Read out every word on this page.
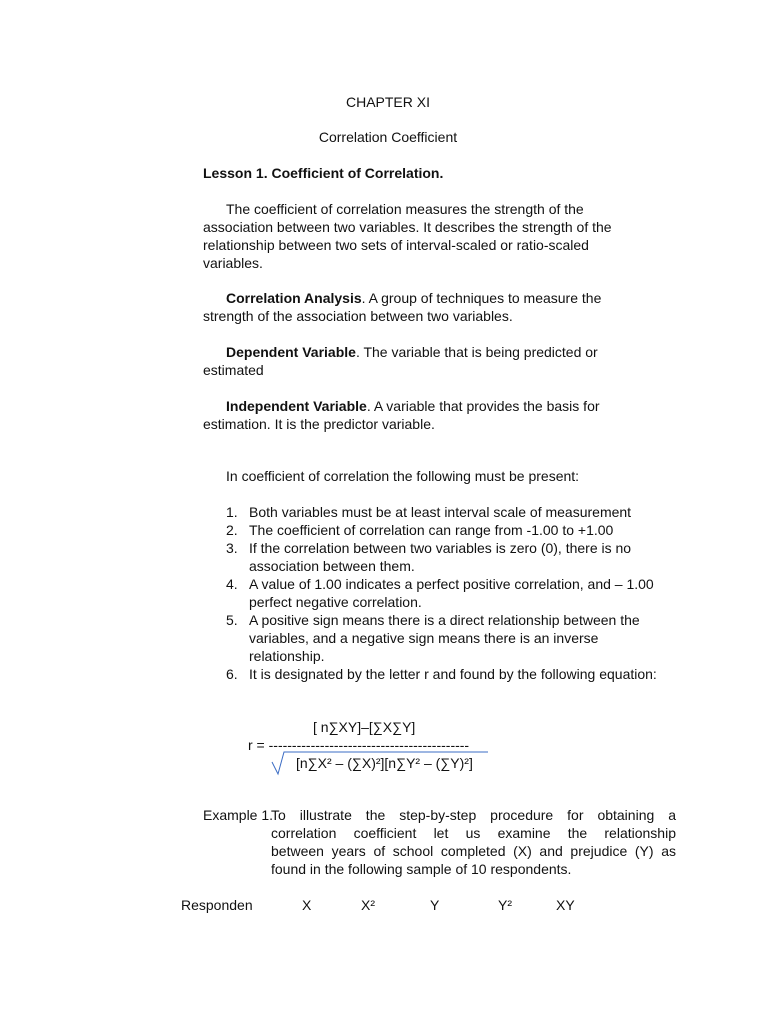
CHAPTER XI
Correlation Coefficient
Lesson 1. Coefficient of Correlation.
The coefficient of correlation measures the strength of the association between two variables. It describes the strength of the relationship between two sets of interval-scaled or ratio-scaled variables.
Correlation Analysis. A group of techniques to measure the strength of the association between two variables.
Dependent Variable. The variable that is being predicted or estimated
Independent Variable. A variable that provides the basis for estimation. It is the predictor variable.
In coefficient of correlation the following must be present:
1. Both variables must be at least interval scale of measurement
2. The coefficient of correlation can range from -1.00 to +1.00
3. If the correlation between two variables is zero (0), there is no association between them.
4. A value of 1.00 indicates a perfect positive correlation, and – 1.00 perfect negative correlation.
5. A positive sign means there is a direct relationship between the variables, and a negative sign means there is an inverse relationship.
6. It is designated by the letter r and found by the following equation:
[ n∑XY]–[∑X∑Y]
r = -------------------------------------------
[n∑X² – (∑X)²][n∑Y² – (∑Y)²]
Example 1.
To illustrate the step-by-step procedure for obtaining a
correlation coefficient let us examine the relationship
between years of school completed (X) and prejudice (Y) as
found in the following sample of 10 respondents.
Responden	X	X²	Y	Y²	XY
